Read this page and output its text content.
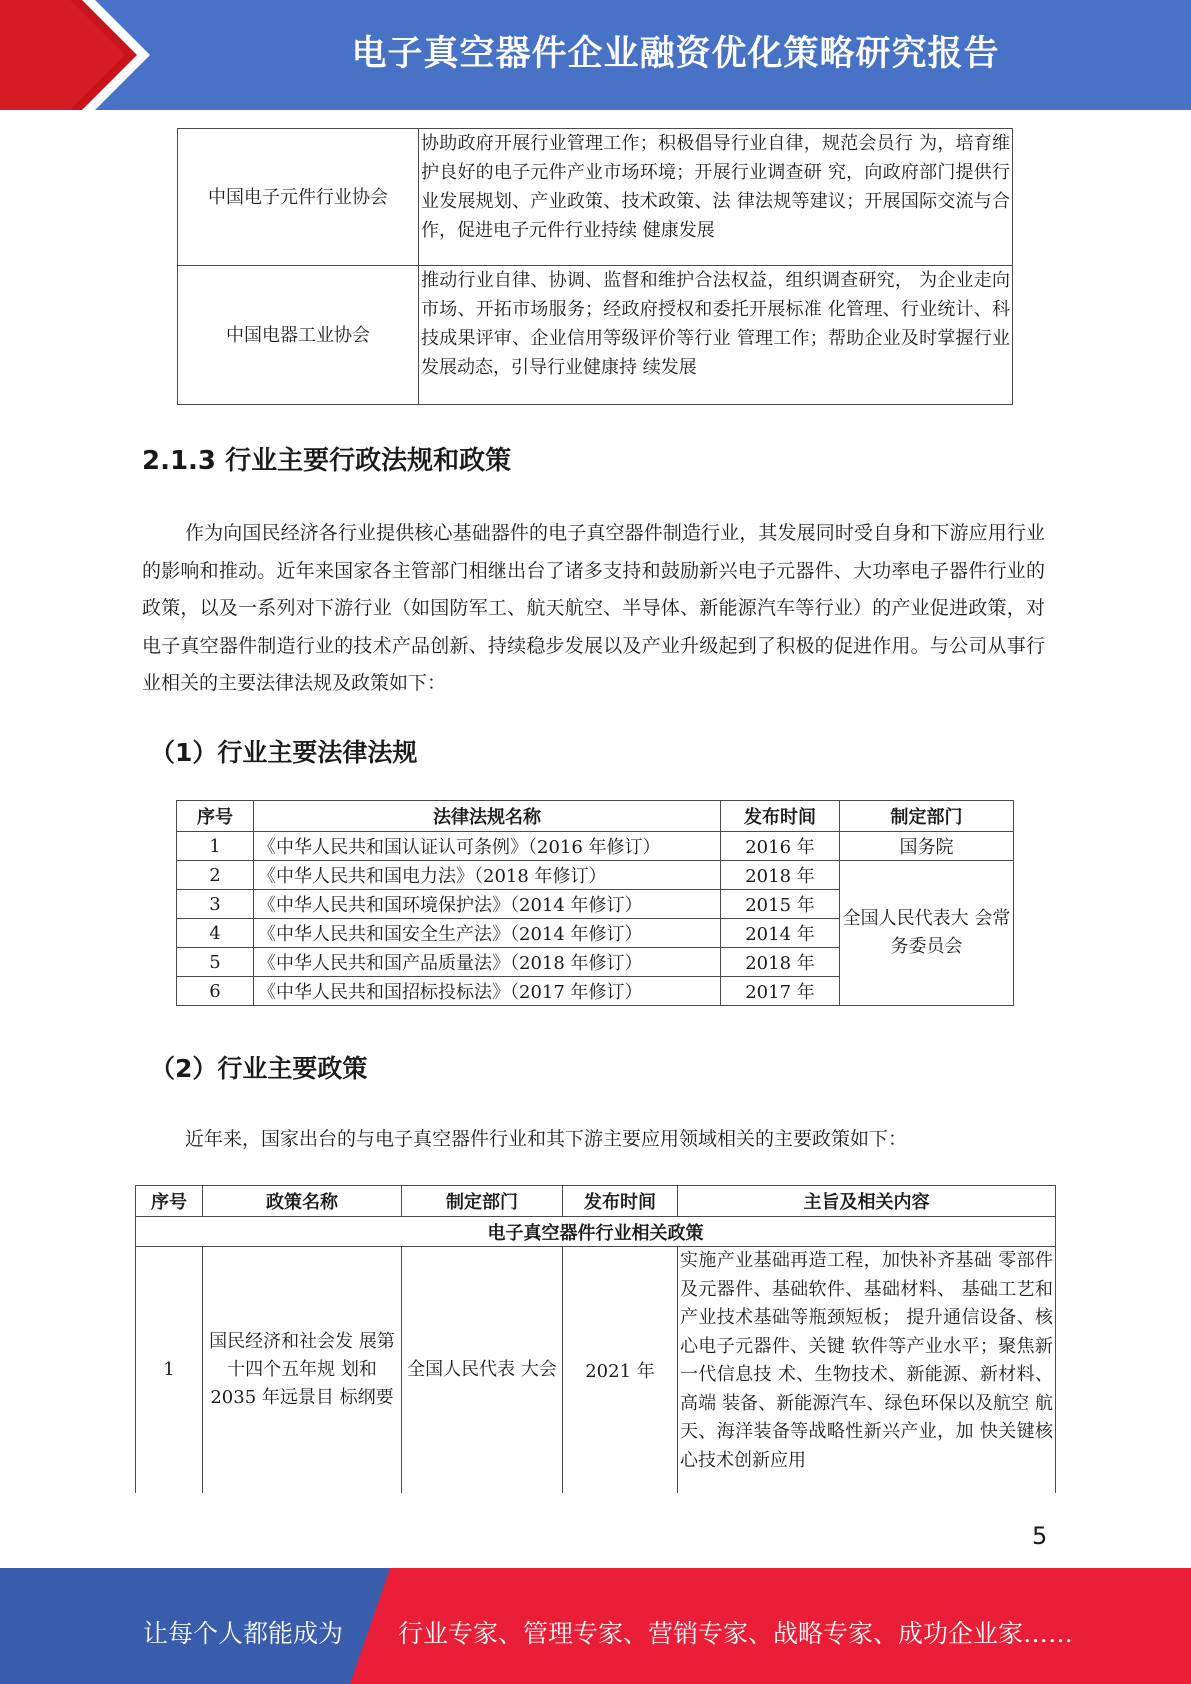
电子真空器件企业融资优化策略研究报告
中国电子元件行业协会	协助政府开展行业管理工作；积极倡导行业自律，规范会员行 为，培育维护良好的电子元件产业市场环境；开展行业调查研 究，向政府部门提供行业发展规划、产业政策、技术政策、法 律法规等建议；开展国际交流与合作，促进电子元件行业持续 健康发展
中国电器工业协会	推动行业自律、协调、监督和维护合法权益，组织调查研究， 为企业走向市场、开拓市场服务；经政府授权和委托开展标准 化管理、行业统计、科技成果评审、企业信用等级评价等行业 管理工作；帮助企业及时掌握行业发展动态，引导行业健康持 续发展
2.1.3 行业主要行政法规和政策
作为向国民经济各行业提供核心基础器件的电子真空器件制造行业，其发展同时受自身和下游应用行业的影响和推动。近年来国家各主管部门相继出台了诸多支持和鼓励新兴电子元器件、大功率电子器件行业的政策，以及一系列对下游行业（如国防军工、航天航空、半导体、新能源汽车等行业）的产业促进政策，对电子真空器件制造行业的技术产品创新、持续稳步发展以及产业升级起到了积极的促进作用。与公司从事行业相关的主要法律法规及政策如下：
（1）行业主要法律法规
序号	法律法规名称	发布时间	制定部门
1	《中华人民共和国认证认可条例》（2016 年修订）	2016 年	国务院
2	《中华人民共和国电力法》（2018 年修订）	2018 年	全国人民代表大 会常务委员会
3	《中华人民共和国环境保护法》（2014 年修订）	2015 年	
4	《中华人民共和国安全生产法》（2014 年修订）	2014 年	
5	《中华人民共和国产品质量法》（2018 年修订）	2018 年	
6	《中华人民共和国招标投标法》（2017 年修订）	2017 年	
（2）行业主要政策
近年来，国家出台的与电子真空器件行业和其下游主要应用领域相关的主要政策如下：
序号	政策名称	制定部门	发布时间	主旨及相关内容
电子真空器件行业相关政策				
1	国民经济和社会发 展第十四个五年规 划和 2035 年远景目 标纲要	全国人民代表 大会	2021 年	实施产业基础再造工程，加快补齐基础 零部件及元器件、基础软件、基础材料、 基础工艺和产业技术基础等瓶颈短板； 提升通信设备、核心电子元器件、关键 软件等产业水平；聚焦新一代信息技 术、生物技术、新能源、新材料、高端 装备、新能源汽车、绿色环保以及航空 航天、海洋装备等战略性新兴产业，加 快关键核心技术创新应用
5
让每个人都能成为 行业专家、管理专家、营销专家、战略专家、成功企业家……
